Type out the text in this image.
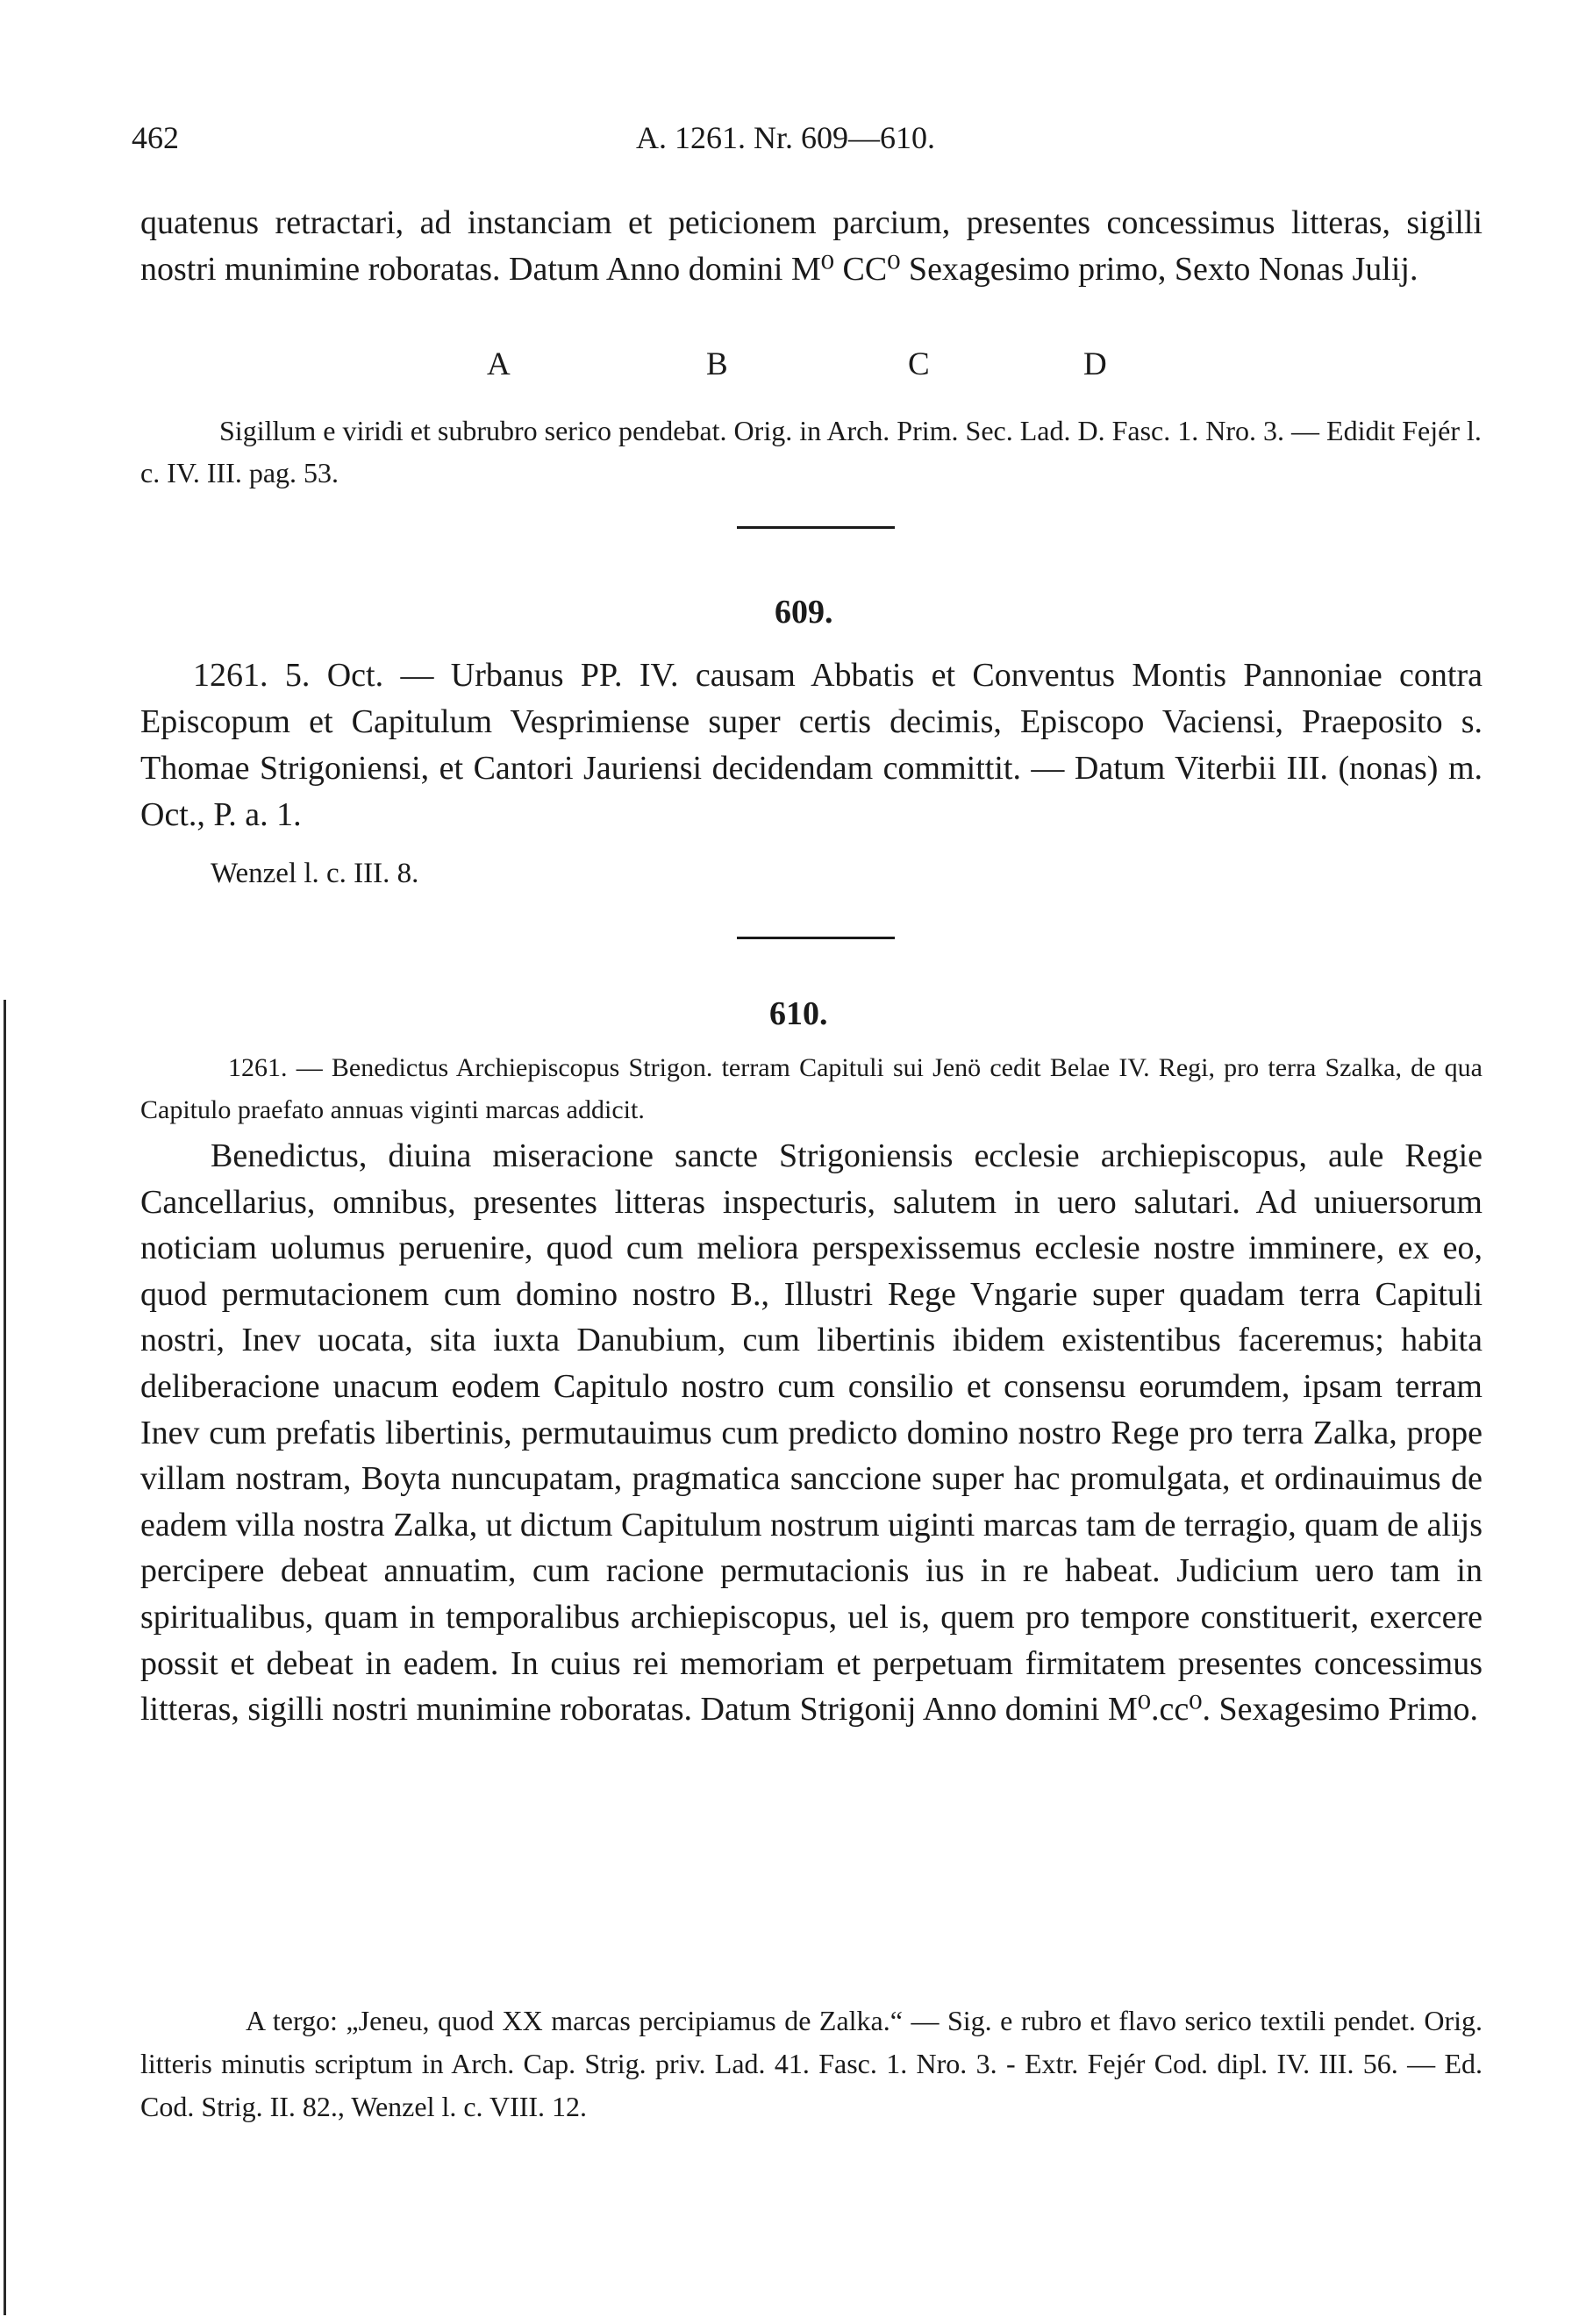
462	A. 1261. Nr. 609—610.

quatenus retractari, ad instanciam et peticionem parcium, presentes concessimus litteras, sigilli nostri munimine roboratas. Datum Anno domini M⁰ CC⁰ Sexagesimo primo, Sexto Nonas Julij.

A	B	C	D

Sigillum e viridi et subrubro serico pendebat. Orig. in Arch. Prim. Sec. Lad. D. Fasc. 1. Nro. 3. — Edidit Fejér l. c. IV. III. pag. 53.

609.

1261. 5. Oct. — Urbanus PP. IV. causam Abbatis et Conventus Montis Pannoniae contra Episcopum et Capitulum Vesprimiense super certis decimis, Episcopo Vaciensi, Praeposito s. Thomae Strigoniensi, et Cantori Jauriensi decidendam committit. — Datum Viterbii III. (nonas) m. Oct., P. a. 1.

Wenzel l. c. III. 8.

610.

1261. — Benedictus Archiepiscopus Strigon. terram Capituli sui Jenö cedit Belae IV. Regi, pro terra Szalka, de qua Capitulo praefato annuas viginti marcas addicit.

Benedictus, diuina miseracione sancte Strigoniensis ecclesie archiepiscopus, aule Regie Cancellarius, omnibus, presentes litteras inspecturis, salutem in uero salutari. Ad uniuersorum noticiam uolumus peruenire, quod cum meliora perspexissemus ecclesie nostre imminere, ex eo, quod permutacionem cum domino nostro B., Illustri Rege Vngarie super quadam terra Capituli nostri, Inev uocata, sita iuxta Danubium, cum libertinis ibidem existentibus faceremus; habita deliberacione unacum eodem Capitulo nostro cum consilio et consensu eorumdem, ipsam terram Inev cum prefatis libertinis, permutauimus cum predicto domino nostro Rege pro terra Zalka, prope villam nostram, Boyta nuncupatam, pragmatica sanccione super hac promulgata, et ordinauimus de eadem villa nostra Zalka, ut dictum Capitulum nostrum uiginti marcas tam de terragio, quam de alijs percipere debeat annuatim, cum racione permutacionis ius in re habeat. Judicium uero tam in spiritualibus, quam in temporalibus archiepiscopus, uel is, quem pro tempore constituerit, exercere possit et debeat in eadem. In cuius rei memoriam et perpetuam firmitatem presentes concessimus litteras, sigilli nostri munimine roboratas. Datum Strigonij Anno domini M⁰.cc⁰. Sexagesimo Primo.

A tergo: „Jeneu, quod XX marcas percipiamus de Zalka.“ — Sig. e rubro et flavo serico textili pendet. Orig. litteris minutis scriptum in Arch. Cap. Strig. priv. Lad. 41. Fasc. 1. Nro. 3. - Extr. Fejér Cod. dipl. IV. III. 56. — Ed. Cod. Strig. II. 82., Wenzel l. c. VIII. 12.
